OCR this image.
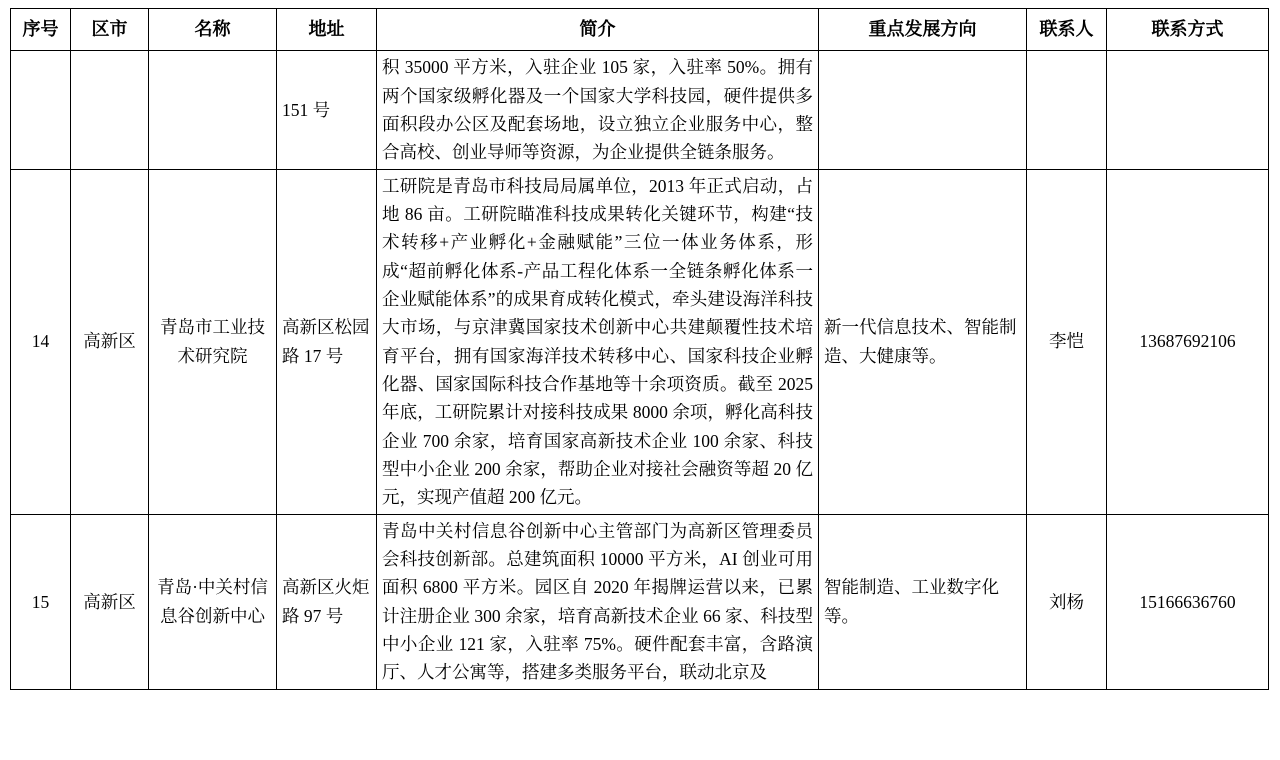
序号	区市	名称	地址	简介	重点发展方向	联系人	联系方式
			151 号	积 35000 平方米，入驻企业 105 家，入驻率 50%。拥有两个国家级孵化器及一个国家大学科技园，硬件提供多面积段办公区及配套场地，设立独立企业服务中心，整合高校、创业导师等资源，为企业提供全链条服务。			
14	高新区	青岛市工业技术研究院	高新区松园路 17 号	工研院是青岛市科技局局属单位，2013 年正式启动，占地 86 亩。工研院瞄准科技成果转化关键环节，构建“技术转移+产业孵化+金融赋能”三位一体业务体系，形成“超前孵化体系-产品工程化体系一全链条孵化体系一企业赋能体系”的成果育成转化模式，牵头建设海洋科技大市场，与京津冀国家技术创新中心共建颠覆性技术培育平台，拥有国家海洋技术转移中心、国家科技企业孵化器、国家国际科技合作基地等十余项资质。截至 2025 年底，工研院累计对接科技成果 8000 余项，孵化高科技企业 700 余家，培育国家高新技术企业 100 余家、科技型中小企业 200 余家，帮助企业对接社会融资等超 20 亿元，实现产值超 200 亿元。	新一代信息技术、智能制造、大健康等。	李恺	13687692106
15	高新区	青岛·中关村信息谷创新中心	高新区火炬路 97 号	青岛中关村信息谷创新中心主管部门为高新区管理委员会科技创新部。总建筑面积 10000 平方米，AI 创业可用面积 6800 平方米。园区自 2020 年揭牌运营以来，已累计注册企业 300 余家，培育高新技术企业 66 家、科技型中小企业 121 家，入驻率 75%。硬件配套丰富，含路演厅、人才公寓等，搭建多类服务平台，联动北京及	智能制造、工业数字化等。	刘杨	15166636760
